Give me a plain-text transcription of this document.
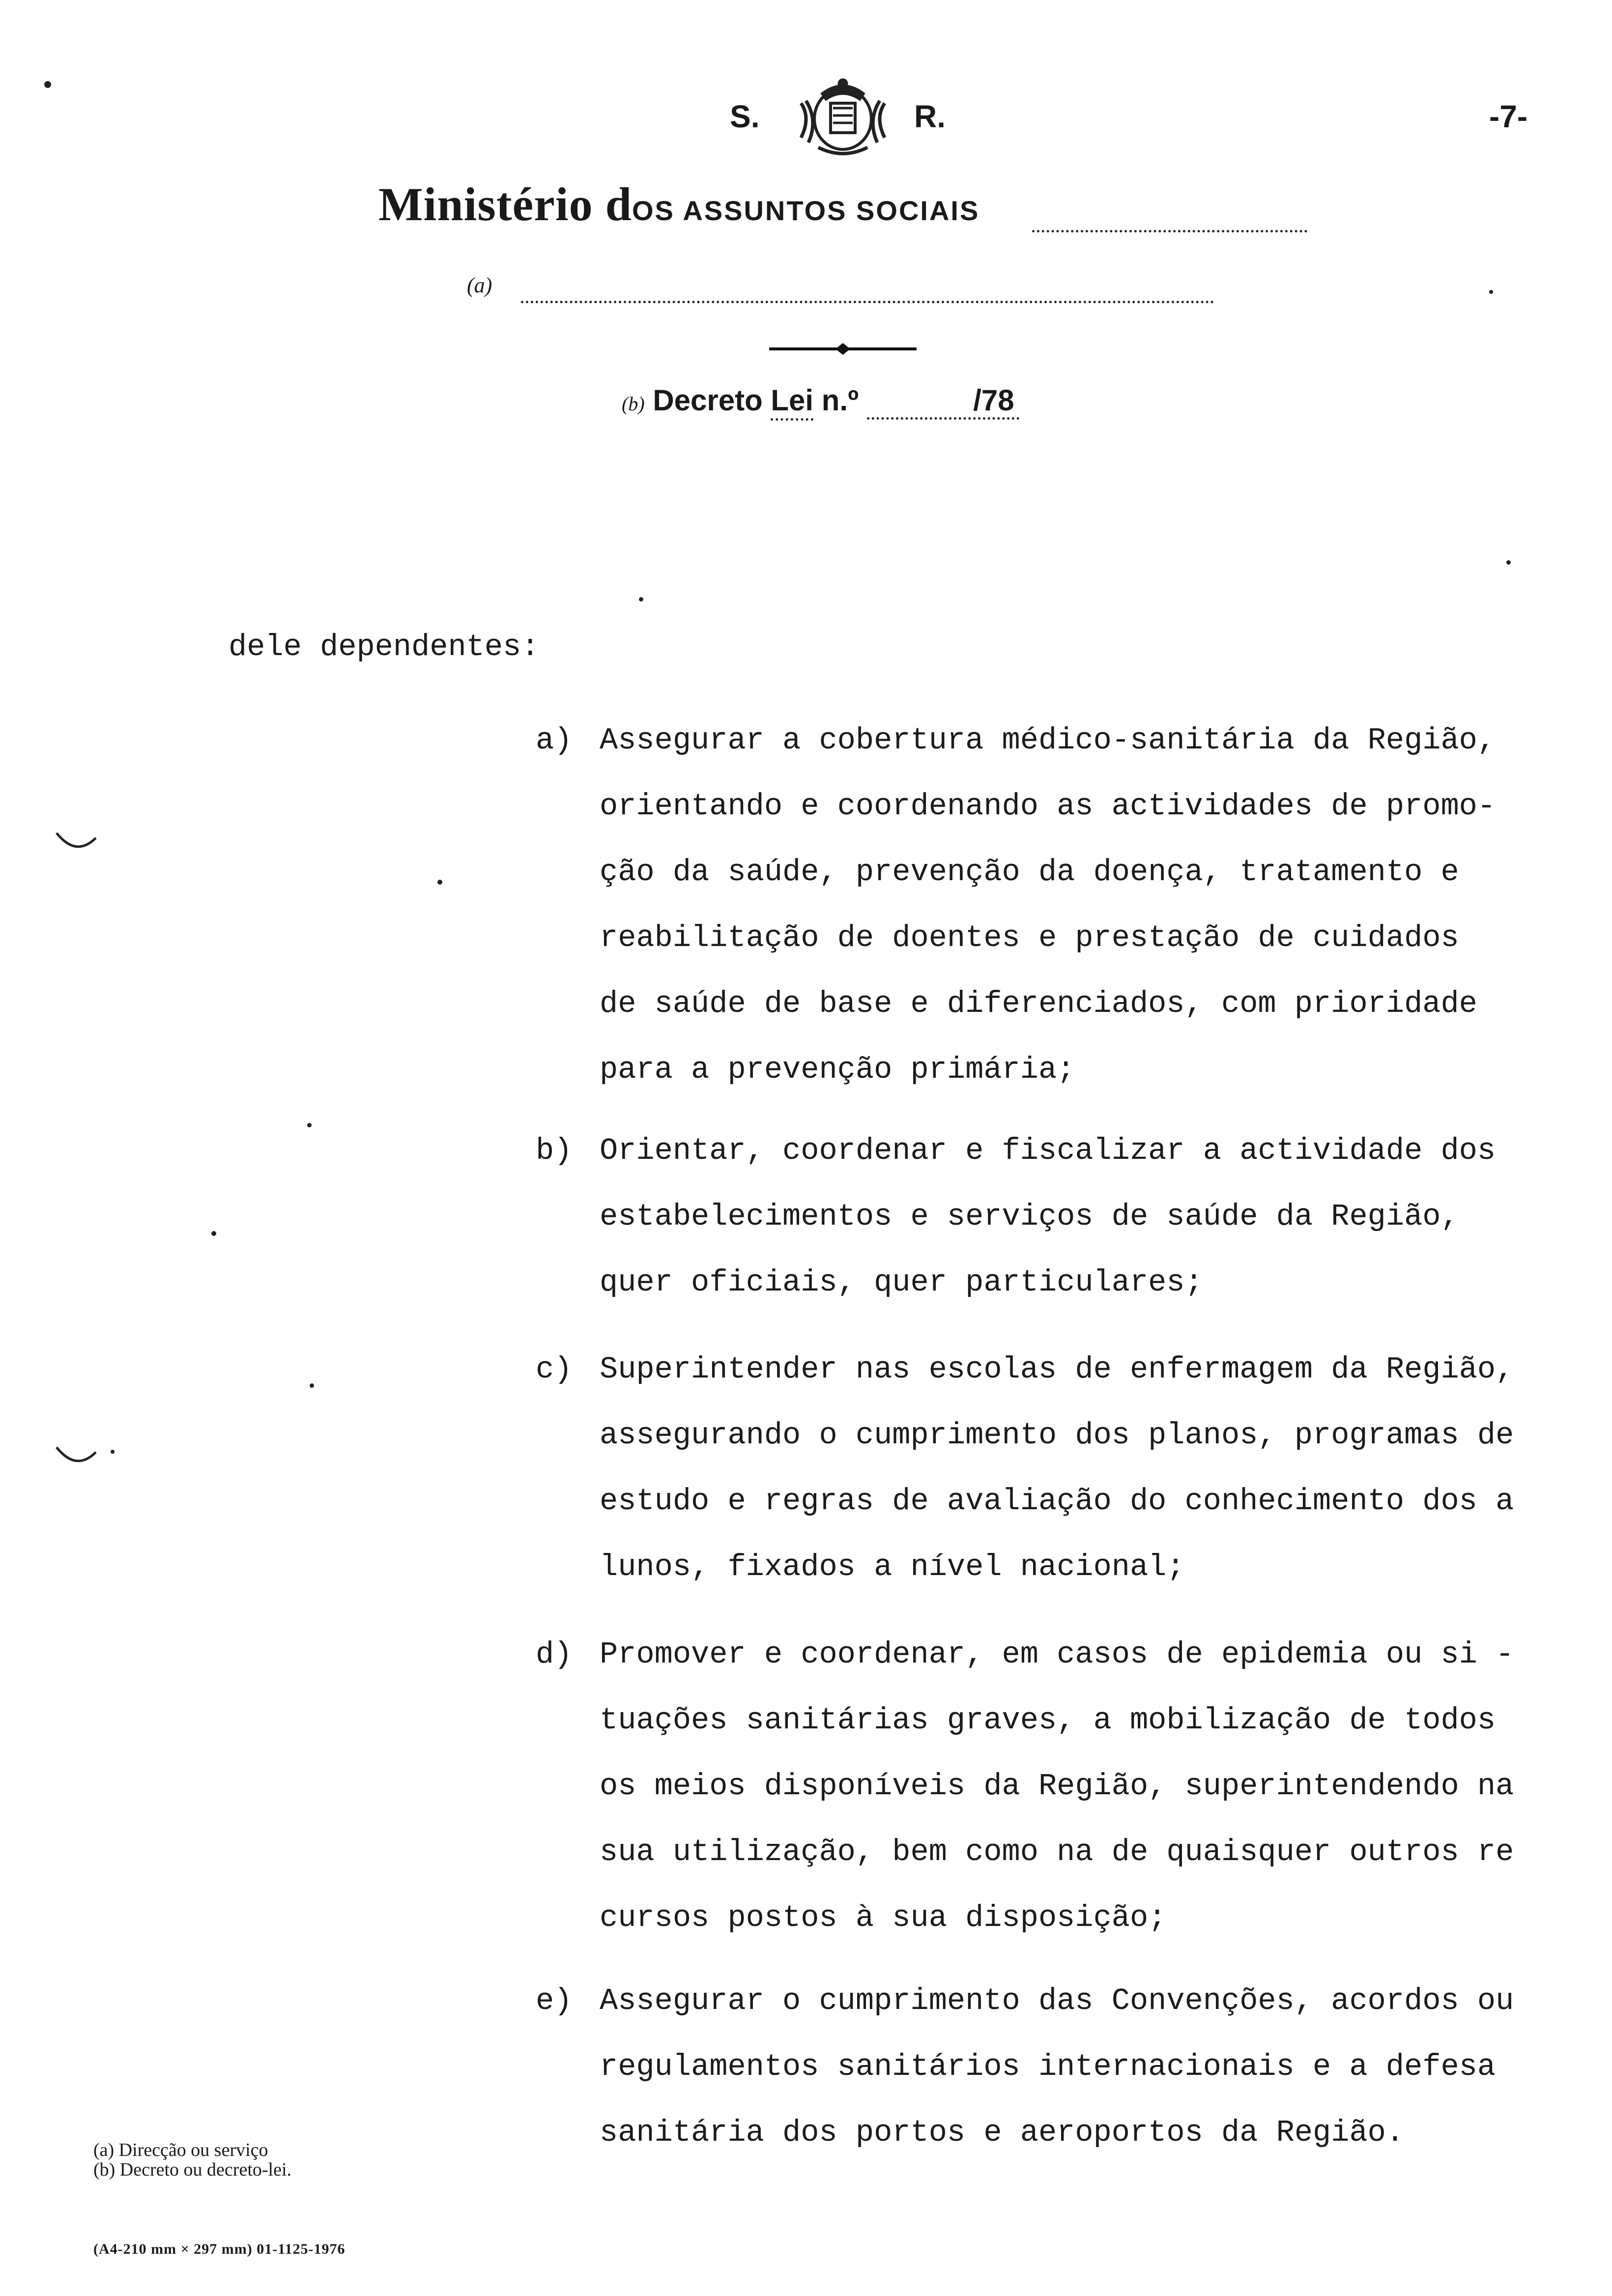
S.	R.	-7-
Ministério dOS ASSUNTOS SOCIAIS
(a)
(b) Decreto Lei n.º	/78
dele dependentes:
a) Assegurar a cobertura médico-sanitária da Região,
orientando e coordenando as actividades de promo-
ção da saúde, prevenção da doença, tratamento e
reabilitação de doentes e prestação de cuidados
de saúde de base e diferenciados, com prioridade
para a prevenção primária;
b) Orientar, coordenar e fiscalizar a actividade dos
estabelecimentos e serviços de saúde da Região,
quer oficiais, quer particulares;
c) Superintender nas escolas de enfermagem da Região,
assegurando o cumprimento dos planos, programas de
estudo e regras de avaliação do conhecimento dos a
lunos, fixados a nível nacional;
d) Promover e coordenar, em casos de epidemia ou si -
tuações sanitárias graves, a mobilização de todos
os meios disponíveis da Região, superintendendo na
sua utilização, bem como na de quaisquer outros re
cursos postos à sua disposição;
e) Assegurar o cumprimento das Convenções, acordos ou
regulamentos sanitários internacionais e a defesa
sanitária dos portos e aeroportos da Região.
(a) Direcção ou serviço
(b) Decreto ou decreto-lei.
(A4-210 mm × 297 mm) 01-1125-1976
